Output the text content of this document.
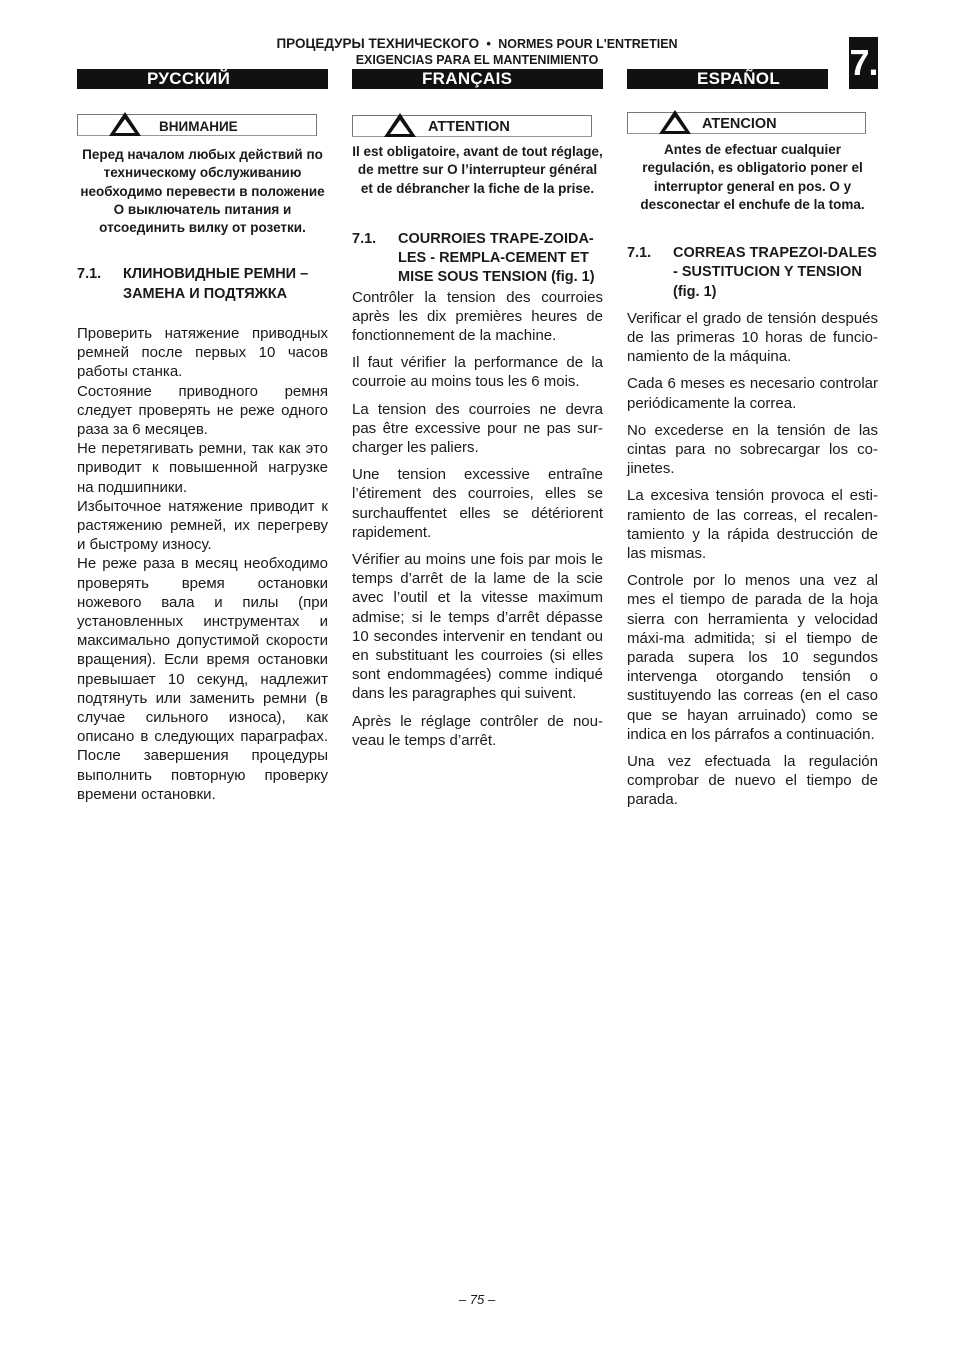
ПРОЦЕДУРЫ ТЕХНИЧЕСКОГО • NORMES POUR L'ENTRETIEN
EXIGENCIAS PARA EL MANTENIMIENTO	7.
РУССКИЙ	FRANÇAIS	ESPAÑOL
ВНИМАНИЕ
Перед началом любых действий по техническому обслуживанию необходимо перевести в положение O выключатель питания и отсоединить вилку от розетки.
7.1.	КЛИНОВИДНЫЕ РЕМНИ – ЗАМЕНА И ПОДТЯЖКА

Проверить натяжение приводных ремней после первых 10 часов работы станка.

Состояние приводного ремня следует проверять не реже одного раза за 6 месяцев.

Не перетягивать ремни, так как это приводит к повышенной нагрузке на подшипники.

Избыточное натяжение приводит к растяжению ремней, их перегреву и быстрому износу.

Не реже раза в месяц необходимо проверять время остановки ножевого вала и пилы (при установленных инструментах и максимально допустимой скорости вращения). Если время остановки превышает 10 секунд, надлежит подтянуть или заменить ремни (в случае сильного износа), как описано в следующих параграфах. После завершения процедуры выполнить повторную проверку времени остановки.

ATTENTION
Il est obligatoire, avant de tout réglage, de mettre sur O l’interrupteur général et de débrancher la fiche de la prise.
7.1.	COURROIES TRAPE-ZOIDA-LES - REMPLA-CEMENT ET MISE SOUS TENSION (fig. 1)

Contrôler la tension des courroies après les dix premières heures de fonctionnement de la machine.

Il faut vérifier la performance de la courroie au moins tous les 6 mois.

La tension des courroies ne devra pas être excessive pour ne pas sur-charger les paliers.

Une tension excessive entraîne l’étirement des courroies, elles se surchauffentet elles se détériorent rapidement.

Vérifier au moins une fois par mois le temps d’arrêt de la lame de la scie avec l’outil et la vitesse maximum admise; si le temps d’arrêt dépasse 10 secondes intervenir en tendant ou en substituant les courroies (si elles sont endommagées) comme indiqué dans les paragraphes qui suivent.

Après le réglage contrôler de nou-veau le temps d’arrêt.

ATENCION
Antes de efectuar cualquier regulación, es obligatorio poner el interruptor general en pos. O y desconectar el enchufe de la toma.
7.1.	CORREAS TRAPEZOI-DALES - SUSTITUCION Y TENSION (fig. 1)

Verificar el grado de tensión después de las primeras 10 horas de funcio-namiento de la máquina.

Cada 6 meses es necesario controlar periódicamente la correa.

No excederse en la tensión de las cintas para no sobrecargar los co-jinetes.

La excesiva tensión provoca el esti-ramiento de las correas, el recalen-tamiento y la rápida destrucción de las mismas.

Controle por lo menos una vez al mes el tiempo de parada de la hoja sierra con herramienta y velocidad máxi-ma admitida; si el tiempo de parada supera los 10 segundos intervenga otorgando tensión o sustituyendo las correas (en el caso que se hayan arruinado) como se indica en los párrafos a continuación.

Una vez efectuada la regulación comprobar de nuevo el tiempo de parada.

– 75 –
